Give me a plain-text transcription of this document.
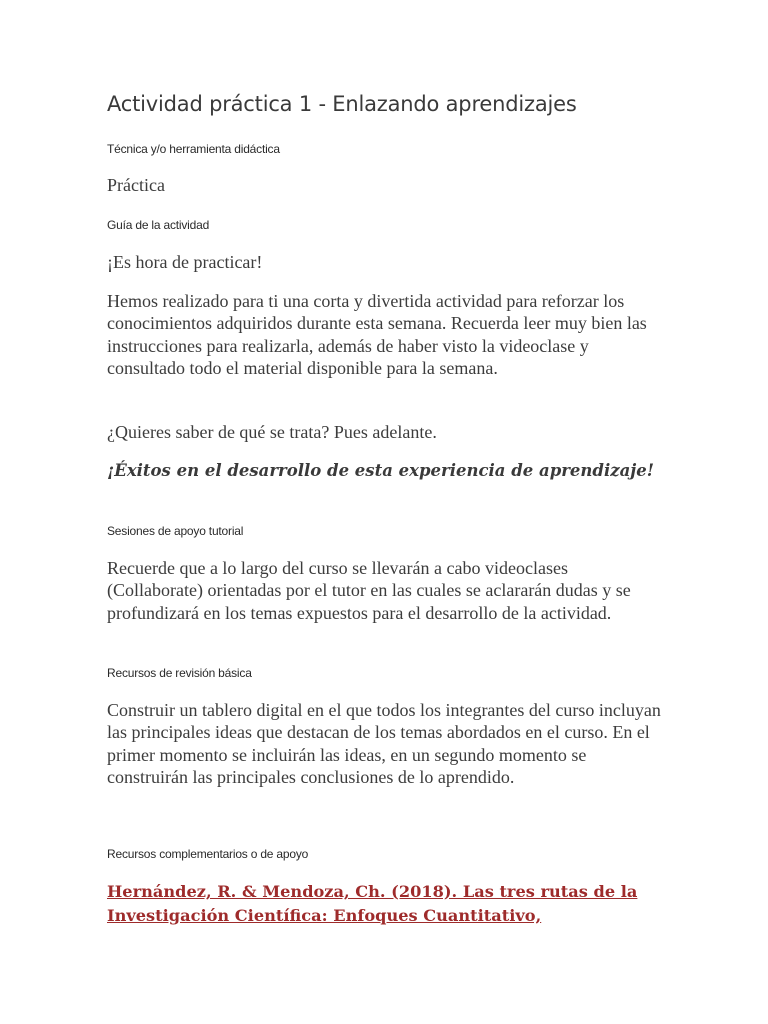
Actividad práctica 1 - Enlazando aprendizajes
Técnica y/o herramienta didáctica
Práctica
Guía de la actividad
¡Es hora de practicar!
Hemos realizado para ti una corta y divertida actividad para reforzar los conocimientos adquiridos durante esta semana. Recuerda leer muy bien las instrucciones para realizarla, además de haber visto la videoclase y consultado todo el material disponible para la semana.
¿Quieres saber de qué se trata? Pues adelante.
¡Éxitos en el desarrollo de esta experiencia de aprendizaje!
Sesiones de apoyo tutorial
Recuerde que a lo largo del curso se llevarán a cabo videoclases (Collaborate) orientadas por el tutor en las cuales se aclararán dudas y se profundizará en los temas expuestos para el desarrollo de la actividad.
Recursos de revisión básica
Construir un tablero digital en el que todos los integrantes del curso incluyan las principales ideas que destacan de los temas abordados en el curso. En el primer momento se incluirán las ideas, en un segundo momento se construirán las principales conclusiones de lo aprendido.
Recursos complementarios o de apoyo
Hernández, R. & Mendoza, Ch. (2018). Las tres rutas de la Investigación Científica: Enfoques Cuantitativo,
